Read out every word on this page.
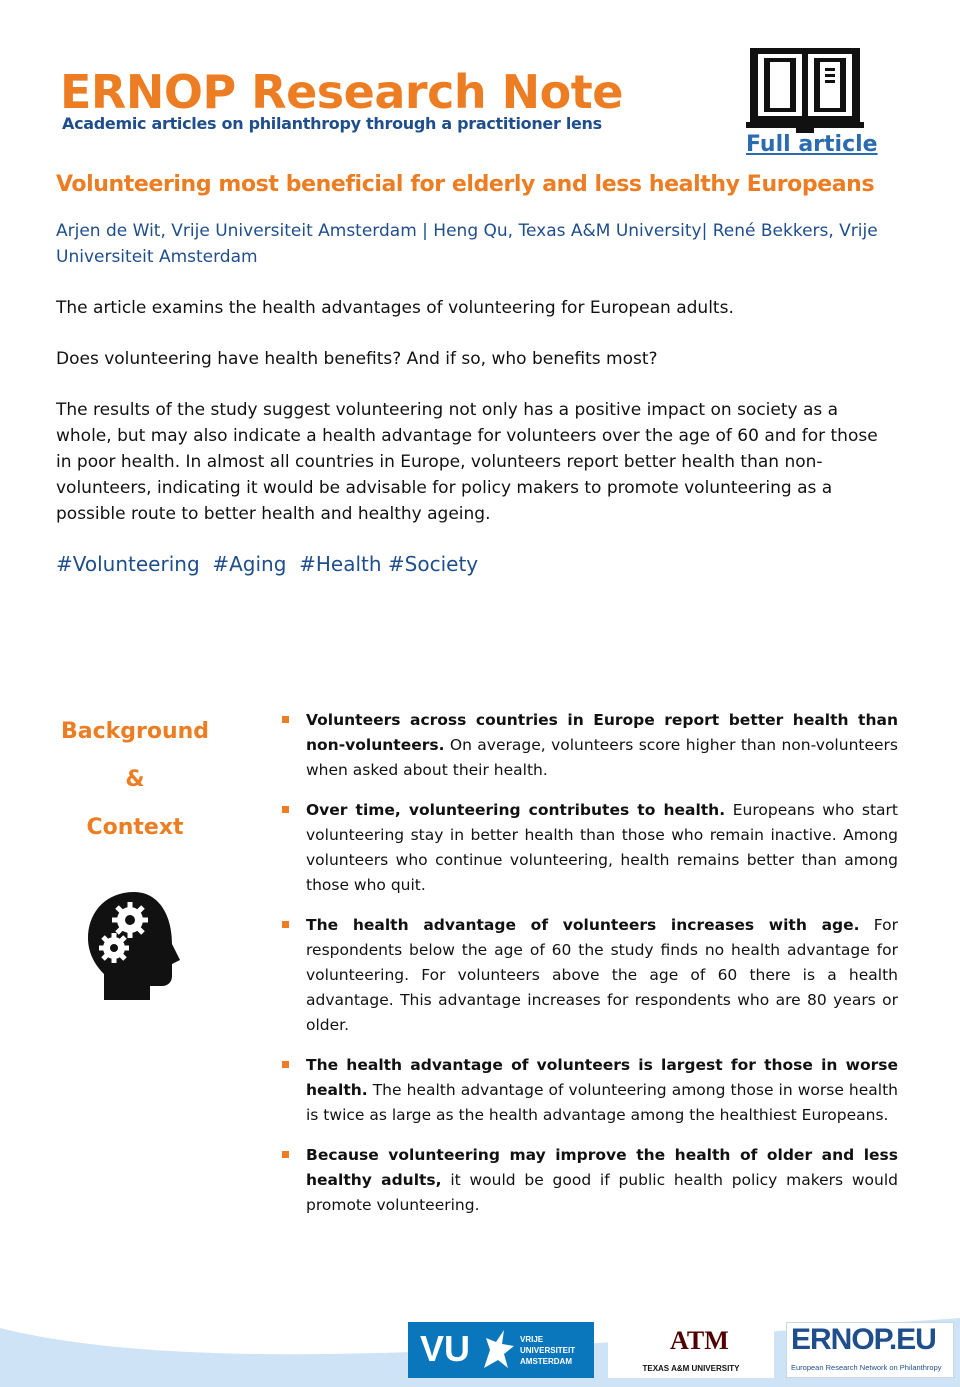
ERNOP Research Note
Academic articles on philanthropy through a practitioner lens
Full article
Volunteering most beneficial for elderly and less healthy Europeans
Arjen de Wit, Vrije Universiteit Amsterdam | Heng Qu, Texas A&M University| René Bekkers, Vrije Universiteit Amsterdam

The article examins the health advantages of volunteering for European adults.

Does volunteering have health benefits? And if so, who benefits most?

The results of the study suggest volunteering not only has a positive impact on society as a whole, but may also indicate a health advantage for volunteers over the age of 60 and for those in poor health. In almost all countries in Europe, volunteers report better health than non-volunteers, indicating it would be advisable for policy makers to promote volunteering as a possible route to better health and healthy ageing.

#Volunteering  #Aging  #Health #Society
Background
&
Context
Volunteers across countries in Europe report better health than non-volunteers. On average, volunteers score higher than non-volunteers when asked about their health.
Over time, volunteering contributes to health. Europeans who start volunteering stay in better health than those who remain inactive. Among volunteers who continue volunteering, health remains better than among those who quit.
The health advantage of volunteers increases with age. For respondents below the age of 60 the study finds no health advantage for volunteering. For volunteers above the age of 60 there is a health advantage. This advantage increases for respondents who are 80 years or older.
The health advantage of volunteers is largest for those in worse health. The health advantage of volunteering among those in worse health is twice as large as the health advantage among the healthiest Europeans.
Because volunteering may improve the health of older and less healthy adults, it would be good if public health policy makers would promote volunteering.
VU	VRIJE
UNIVERSITEIT
AMSTERDAM
ATM
TEXAS A&M UNIVERSITY
ERNOP.EU
European Research Network on Philanthropy
